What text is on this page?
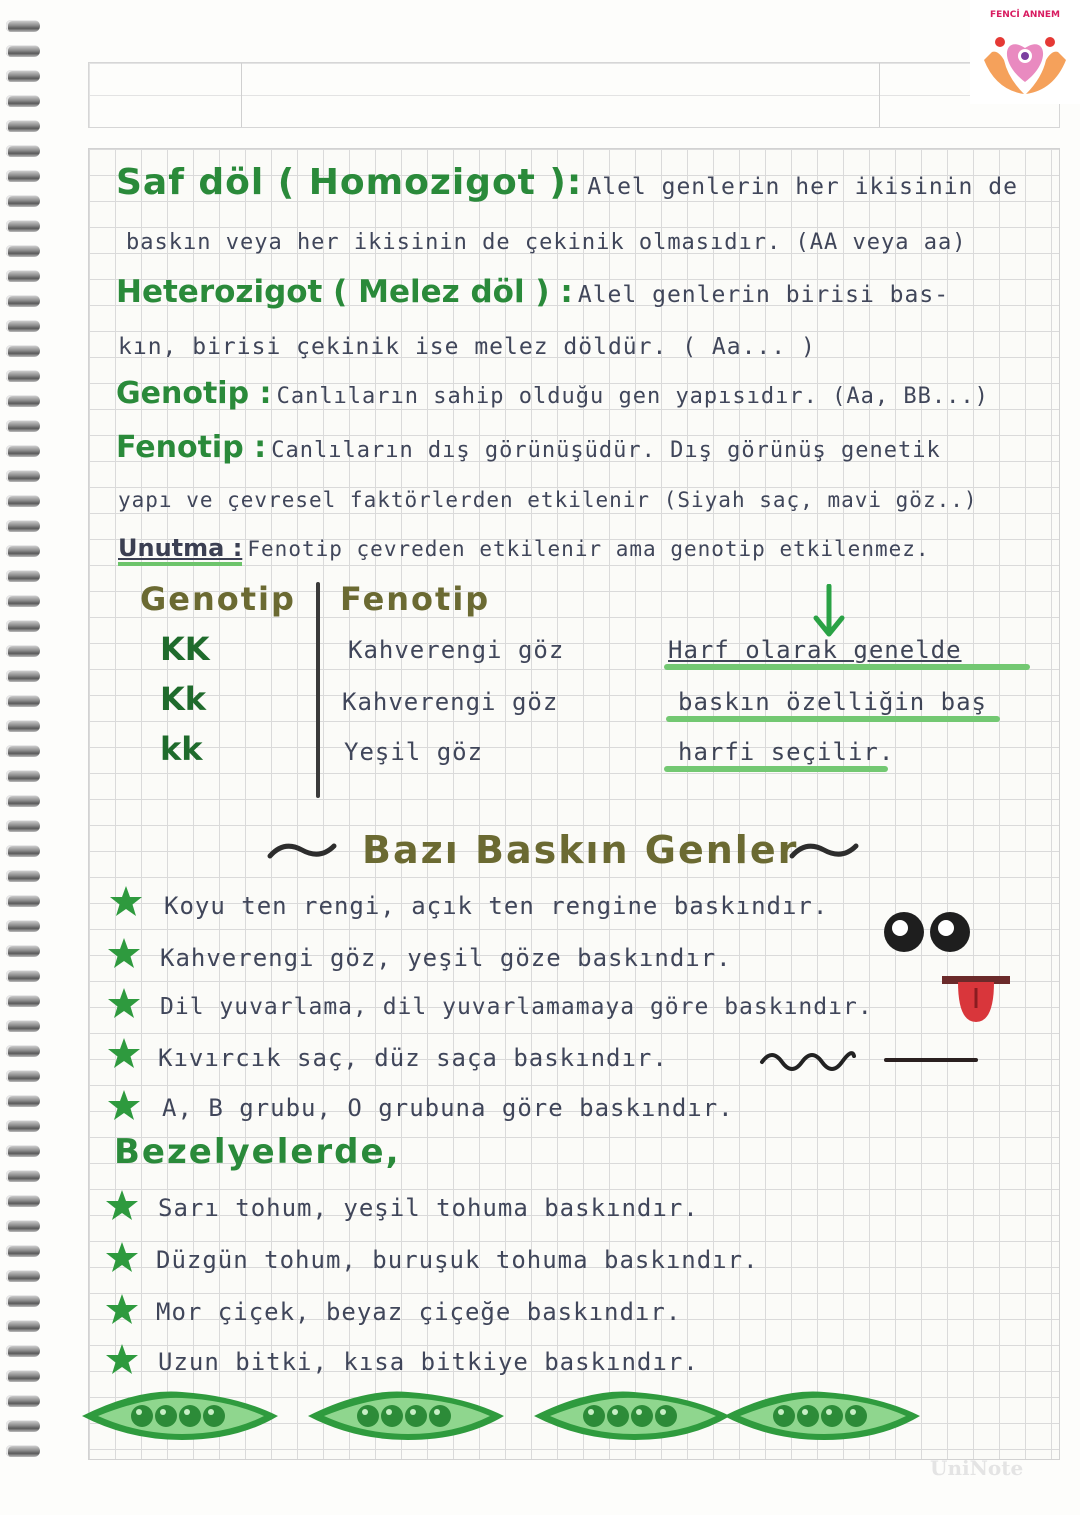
FENCİ ANNEM
Saf döl ( Homozigot ): Alel genlerin her ikisinin de
baskın veya her ikisinin de çekinik olmasıdır. (AA veya aa)
Heterozigot ( Melez döl ) : Alel genlerin birisi bas-
kın, birisi çekinik ise melez döldür. ( Aa... )
Genotip : Canlıların sahip olduğu gen yapısıdır. (Aa, BB...)
Fenotip : Canlıların dış görünüşüdür. Dış görünüş genetik
yapı ve çevresel faktörlerden etkilenir (Siyah saç, mavi göz..)
Unutma : Fenotip çevreden etkilenir ama genotip etkilenmez.
Genotip Fenotip
KK
Kk
kk
Kahverengi göz
Kahverengi göz
Yeşil göz
Harf olarak genelde
baskın özelliğin baş
harfi seçilir.
Bazı Baskın Genler
Koyu ten rengi, açık ten rengine baskındır.
Kahverengi göz, yeşil göze baskındır.
Dil yuvarlama, dil yuvarlamamaya göre baskındır.
Kıvırcık saç, düz saça baskındır.
A, B grubu, O grubuna göre baskındır.
Bezelyelerde,
Sarı tohum, yeşil tohuma baskındır.
Düzgün tohum, buruşuk tohuma baskındır.
Mor çiçek, beyaz çiçeğe baskındır.
Uzun bitki, kısa bitkiye baskındır.
UniNote
